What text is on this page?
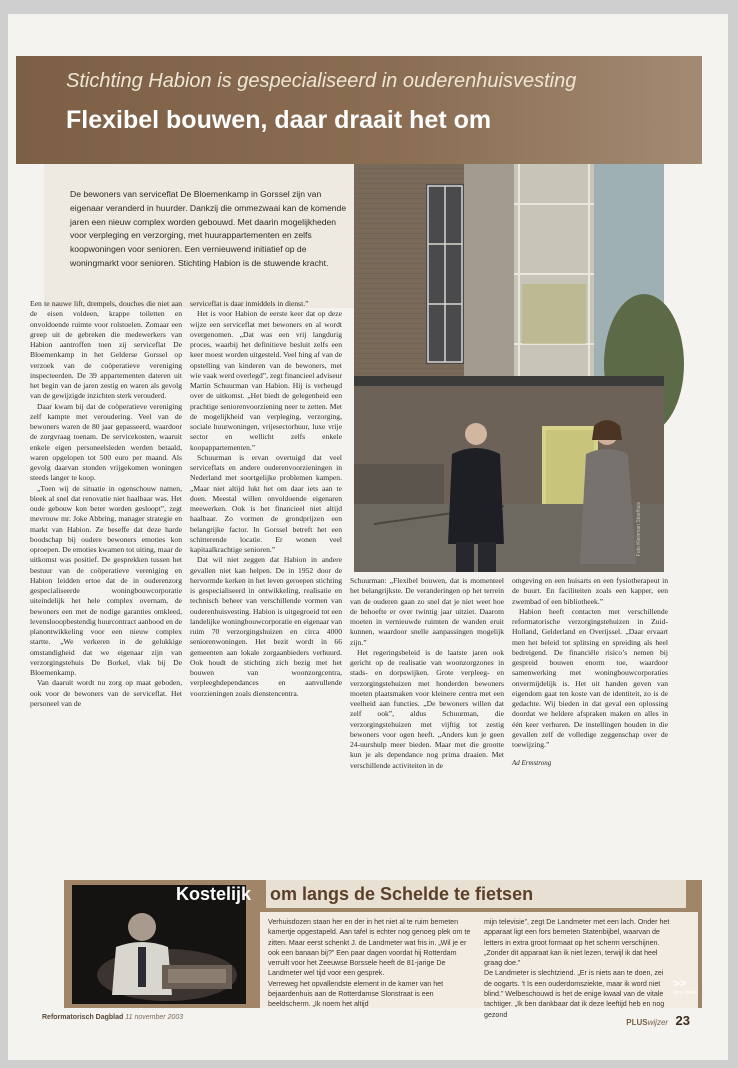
Stichting Habion is gespecialiseerd in ouderenhuisvesting
Flexibel bouwen, daar draait het om

De bewoners van serviceflat De Bloemenkamp in Gorssel zijn van eigenaar veranderd in huurder. Dankzij die ommezwaai kan de komende jaren een nieuw complex worden gebouwd. Met daarin mogelijkheden voor verpleging en verzorging, met huurappartementen en zelfs koopwoningen voor senioren. Een vernieuwend initiatief op de woningmarkt voor senioren. Stichting Habion is de stuwende kracht.

Foto Kleinman Stoelhuis

Een te nauwe lift, drempels, douches die niet aan de eisen voldeen, krappe toiletten en onvoldoende ruimte voor rolstoelen. Zomaar een greep uit de gebreken die medewerkers van Habion aantroffen toen zij serviceflat De Bloemenkamp in het Gelderse Gorssel op verzoek van de coöperatieve vereniging inspecteerden. De 39 appartementen dateren uit het begin van de jaren zestig en waren als gevolg van de gewijzigde inzichten sterk verouderd.

Daar kwam bij dat de coöperatieve vereniging zelf kampte met veroudering. Veel van de bewoners waren de 80 jaar gepasseerd, waardoor de zorgvraag toenam. De servicekosten, waaruit enkele eigen personeelsleden werden betaald, waren opgelopen tot 500 euro per maand. Als gevolg daarvan stonden vrijgekomen woningen steeds langer te koop.

„Toen wij de situatie in ogenschouw namen, bleek al snel dat renovatie niet haalbaar was. Het oude gebouw kon beter worden gesloopt”, zegt mevrouw mr. Joke Abbring, manager strategie en markt van Habion. Ze beseffe dat deze harde boodschap bij oudere bewoners emoties kon oproepen. De emoties kwamen tot uiting, maar de uitkomst was positief. De gesprekken tussen het bestuur van de coöperatieve vereniging en Habion leidden ertoe dat de in ouderenzorg gespecialiseerde woningbouwcorporatie uiteindelijk het hele complex overnam, de bewoners een met de nodige garanties omkleed, levenslooopbestendig huurcontract aanbood en de planontwikkeling voor een nieuw complex startte. „We verkeren in de gelukkige omstandigheid dat we eigenaar zijn van verzorgingstehuis De Borkel, vlak bij De Bloemenkamp.

Van daaruit wordt nu zorg op maat geboden, ook voor de bewoners van de serviceflat. Het personeel van de

serviceflat is daar inmiddels in dienst.”

Het is voor Habion de eerste keer dat op deze wijze een serviceflat met bewoners en al wordt overgenomen. „Dat was een vrij langdurig proces, waarbij het definitieve besluit zelfs een keer moest worden uitgesteld. Veel hing af van de opstelling van kinderen van de bewoners, met wie vaak werd overlegd”, zegt financieel adviseur Martin Schuurman van Habion. Hij is verheugd over de uitkomst. „Het biedt de gelegenheid een prachtige seniorenvoorziening neer te zetten. Met de mogelijkheid van verpleging, verzorging, sociale huurwoningen, vrijesectorhuur, luxe vrije sector en wellicht zelfs enkele koopappartementen.”

Schuurman is ervan overtuigd dat veel serviceflats en andere ouderenvoorzieningen in Nederland met soortgelijke problemen kampen. „Maar niet altijd lukt het om daar iets aan te doen. Meestal willen onvoldoende eigenaren meewerken. Ook is het financieel niet altijd haalbaar. Zo vormen de grondprijzen een belangrijke factor. In Gorssel betreft het een schitterende locatie. Er wonen veel kapitaalkrachtige senioren.”

Dat wil niet zeggen dat Habion in andere gevallen niet kan helpen. De in 1952 door de hervormde kerken in het leven geroepen stichting is gespecialiseerd in ontwikkeling, realisatie en technisch beheer van verschillende vormen van ouderenhuisvesting. Habion is uitgegroeid tot een landelijke woningbouwcorporatie en eigenaar van ruim 70 verzorgingshuizen en circa 4000 seniorenwoningen. Het bezit wordt in 66 gemeenten aan lokale zorgaanbieders verhuurd. Ook houdt de stichting zich bezig met het bouwen van woonzorgcentra, verpleeghdependances en aanvullende voorzieningen zoals dienstencentra.

Schuurman: „Flexibel bouwen, dat is momenteel het belangrijkste. De veranderingen op het terrein van de ouderen gaan zo snel dat je niet weet hoe de behoefte er over twintig jaar uitziet. Daarom moeten in vernieuwde ruimten de wanden eruit kunnen, waardoor snelle aanpassingen mogelijk zijn.”

Het regeringsbeleid is de laatste jaren ook gericht op de realisatie van woonzorgzones in stads- en dorpswijken. Grote verpleeg- en verzorgingstehuizen met honderden bewoners moeten plaatsmaken voor kleinere centra met een veelheid aan functies. „De bewoners willen dat zelf ook”, aldus Schuurman, die verzorgingstehuizen met vijftig tot zestig bewoners voor ogen heeft. „Anders kun je geen 24-uurshulp meer bieden. Maar met die grootte kun je als dependance nog prima draaien. Met verschillende activiteiten in de

omgeving en een huisarts en een fysiotherapeut in de buurt. En faciliteiten zoals een kapper, een zwembad of een bibliotheek.”

Habion heeft contacten met verschillende reformatorische verzorgingstehuizen in Zuid-Holland, Gelderland en Overijssel. „Daar ervaart men het beleid tot splitsing en spreiding als heel bedreigend. De financiële risico’s nemen bij gespreid bouwen enorm toe, waardoor samenwerking met woningbouwcorporaties onvermijdelijk is. Het uit handen geven van eigendom gaat ten koste van de identiteit, zo is de gedachte. Wij bieden in dat geval een oplossing doordat we heldere afspraken maken en alles in één keer verhuren. De instellingen houden in die gevallen zelf de volledige zeggenschap over de toewijzing.”

Ad Ermstrong

Kostelijk om langs de Schelde te fietsen

Verhuisdozen staan her en der in het niet al te ruim bemeten kamertje opgestapeld. Aan tafel is echter nog genoeg plek om te zitten. Maar eerst schenkt J. de Landmeter wat fris in. „Wil je er ook een banaan bij?” Een paar dagen voordat hij Rotterdam verruilt voor het Zeeuwse Borssele heeft de 81-jarige De Landmeter wel tijd voor een gesprek.

Verreweg het opvallendste element in de kamer van het bejaardenhuis aan de Rotterdamse Slonstraat is een beeldscherm. „Ik noem het altijd

mijn televisie”, zegt De Landmeter met een lach. Onder het apparaat ligt een fors bemeten Statenbijbel, waarvan de letters in extra groot formaat op het scherm verschijnen. „Zonder dit apparaat kan ik niet lezen, terwijl ik dat heel graag doe.”

De Landmeter is slechtziend. „Er is niets aan te doen, zei de oogarts. ’t Is een ouderdomsziekte, maar ik word niet blind.” Welbeschouwd is het de enige kwaal van de vitale tachtiger. „Ik ben dankbaar dat ik deze leeftijd heb en nog gezond

>>
lees verder
Reformatorisch Dagblad 11 november 2003
PLUSwijzer 23
